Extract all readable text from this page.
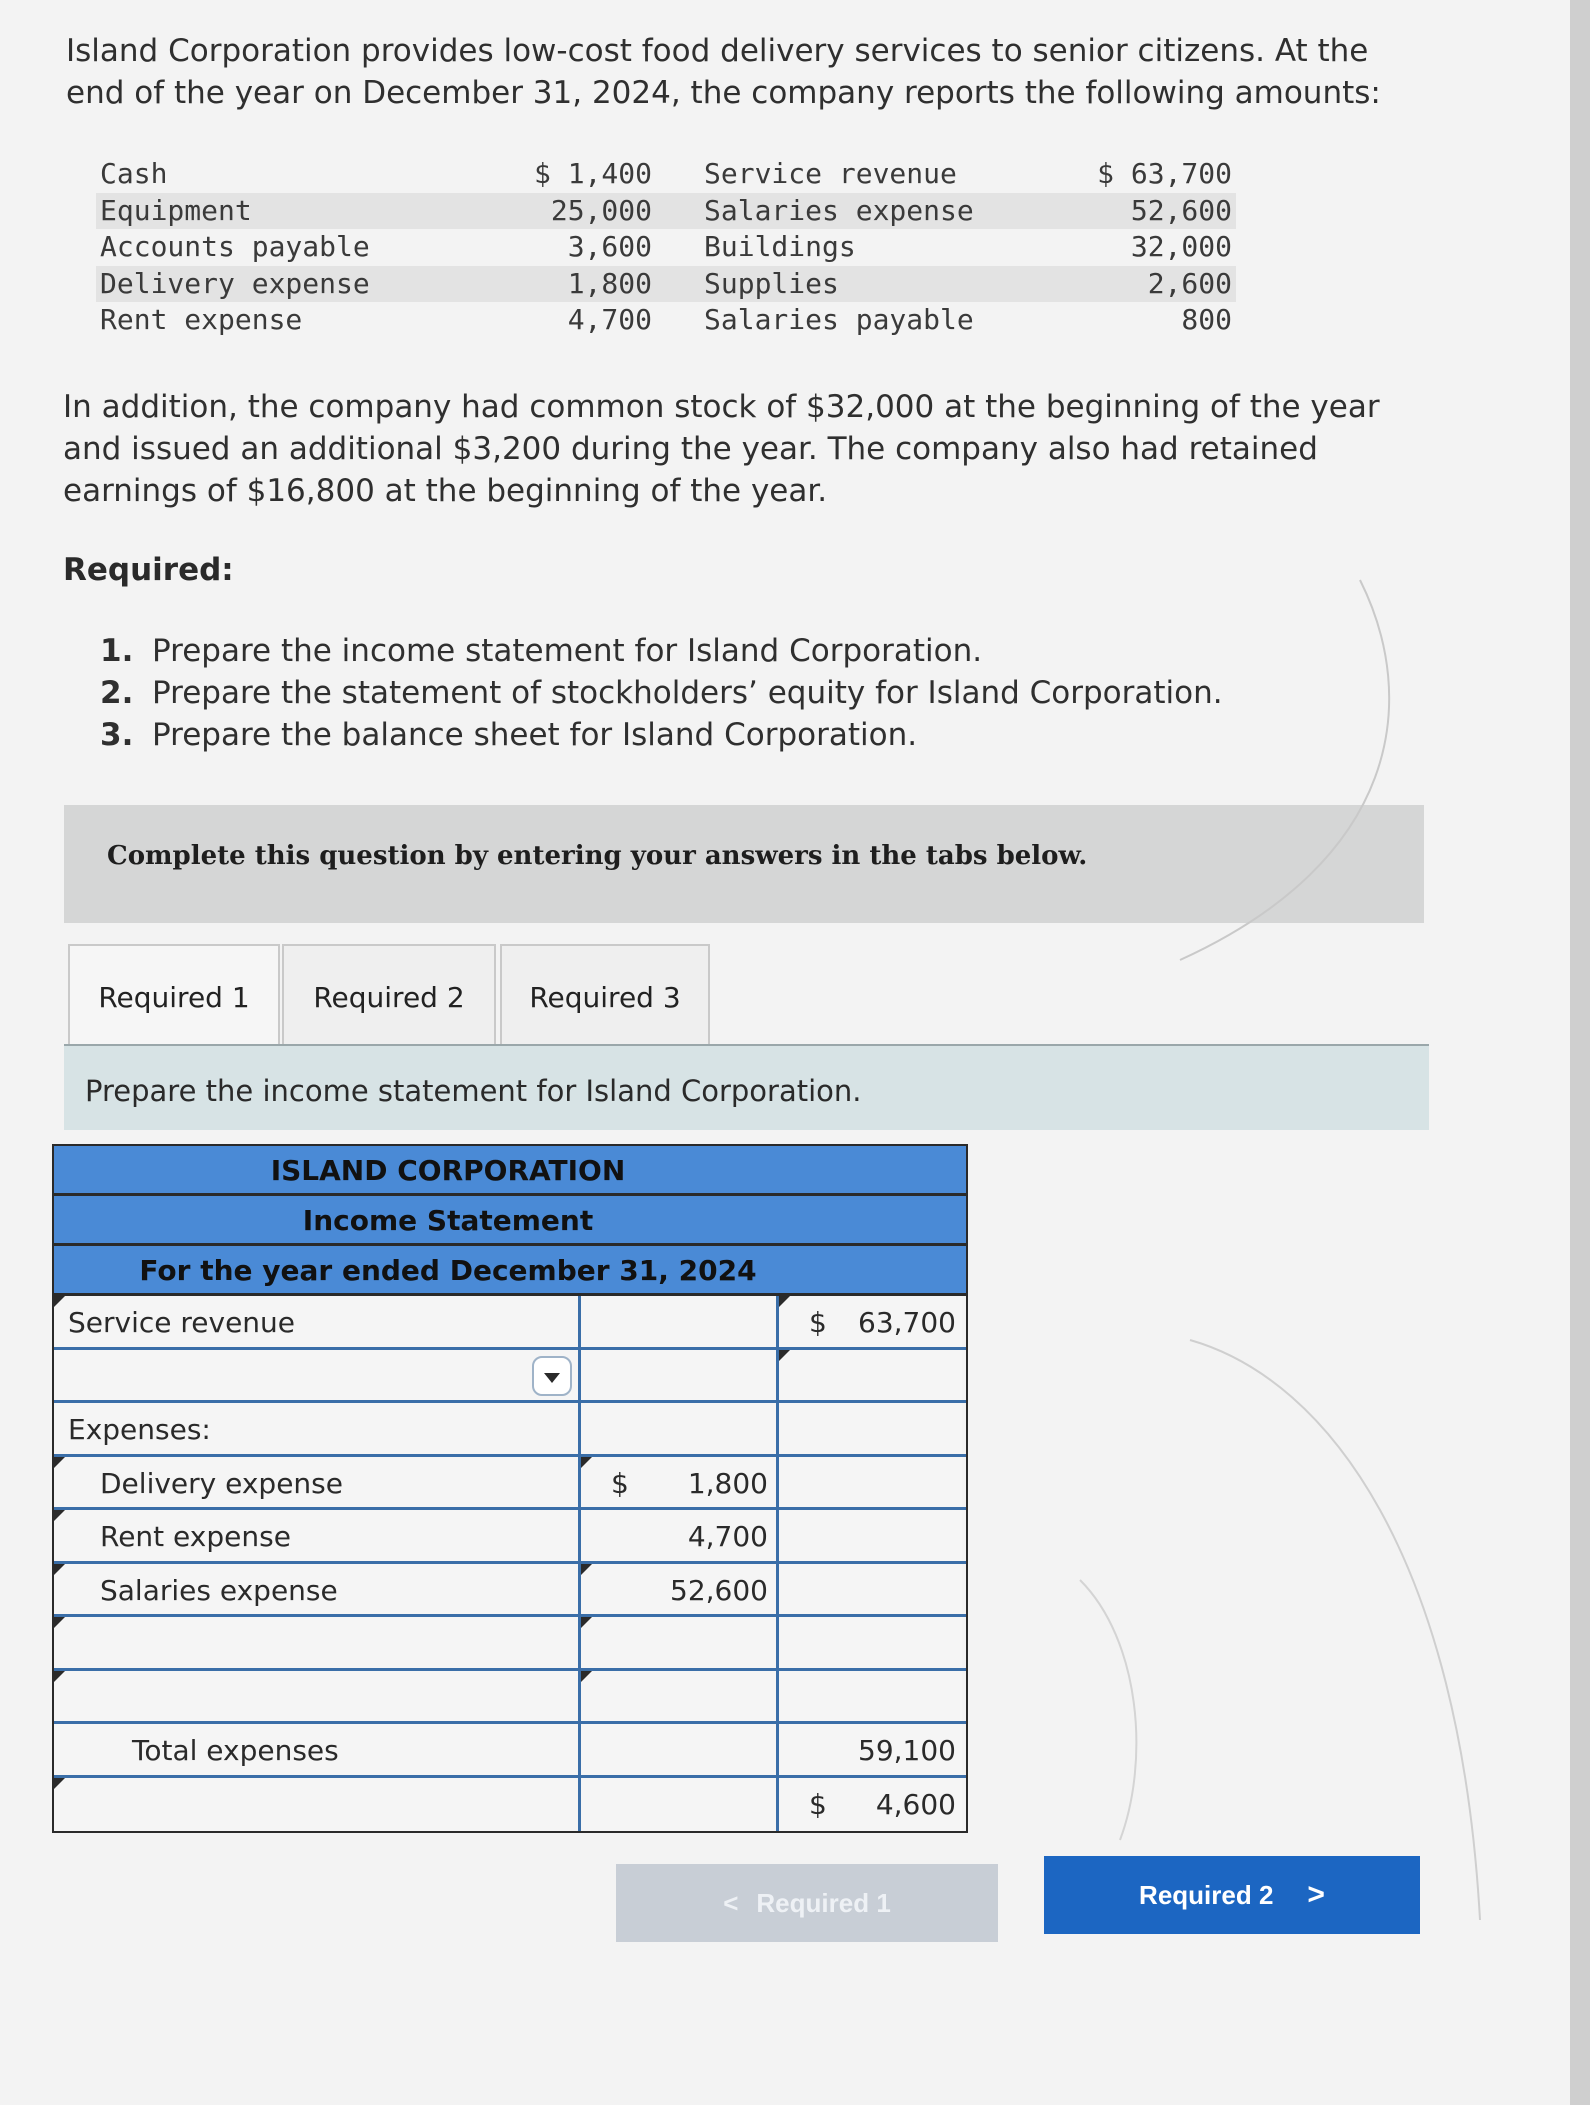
Island Corporation provides low-cost food delivery services to senior citizens. At the end of the year on December 31, 2024, the company reports the following amounts:
Cash	$ 1,400	Service revenue	$ 63,700
Equipment	25,000	Salaries expense	52,600
Accounts payable	3,600	Buildings	32,000
Delivery expense	1,800	Supplies	2,600
Rent expense	4,700	Salaries payable	800
In addition, the company had common stock of $32,000 at the beginning of the year and issued an additional $3,200 during the year. The company also had retained earnings of $16,800 at the beginning of the year.
Required:
1. Prepare the income statement for Island Corporation.
2. Prepare the statement of stockholders’ equity for Island Corporation.
3. Prepare the balance sheet for Island Corporation.
Complete this question by entering your answers in the tabs below.
Required 1	Required 2	Required 3
Prepare the income statement for Island Corporation.
ISLAND CORPORATION
Income Statement
For the year ended December 31, 2024
Service revenue	$ 63,700
Expenses:
Delivery expense	$ 1,800
Rent expense	4,700
Salaries expense	52,600
Total expenses	59,100
$ 4,600
< Required 1	Required 2 >
